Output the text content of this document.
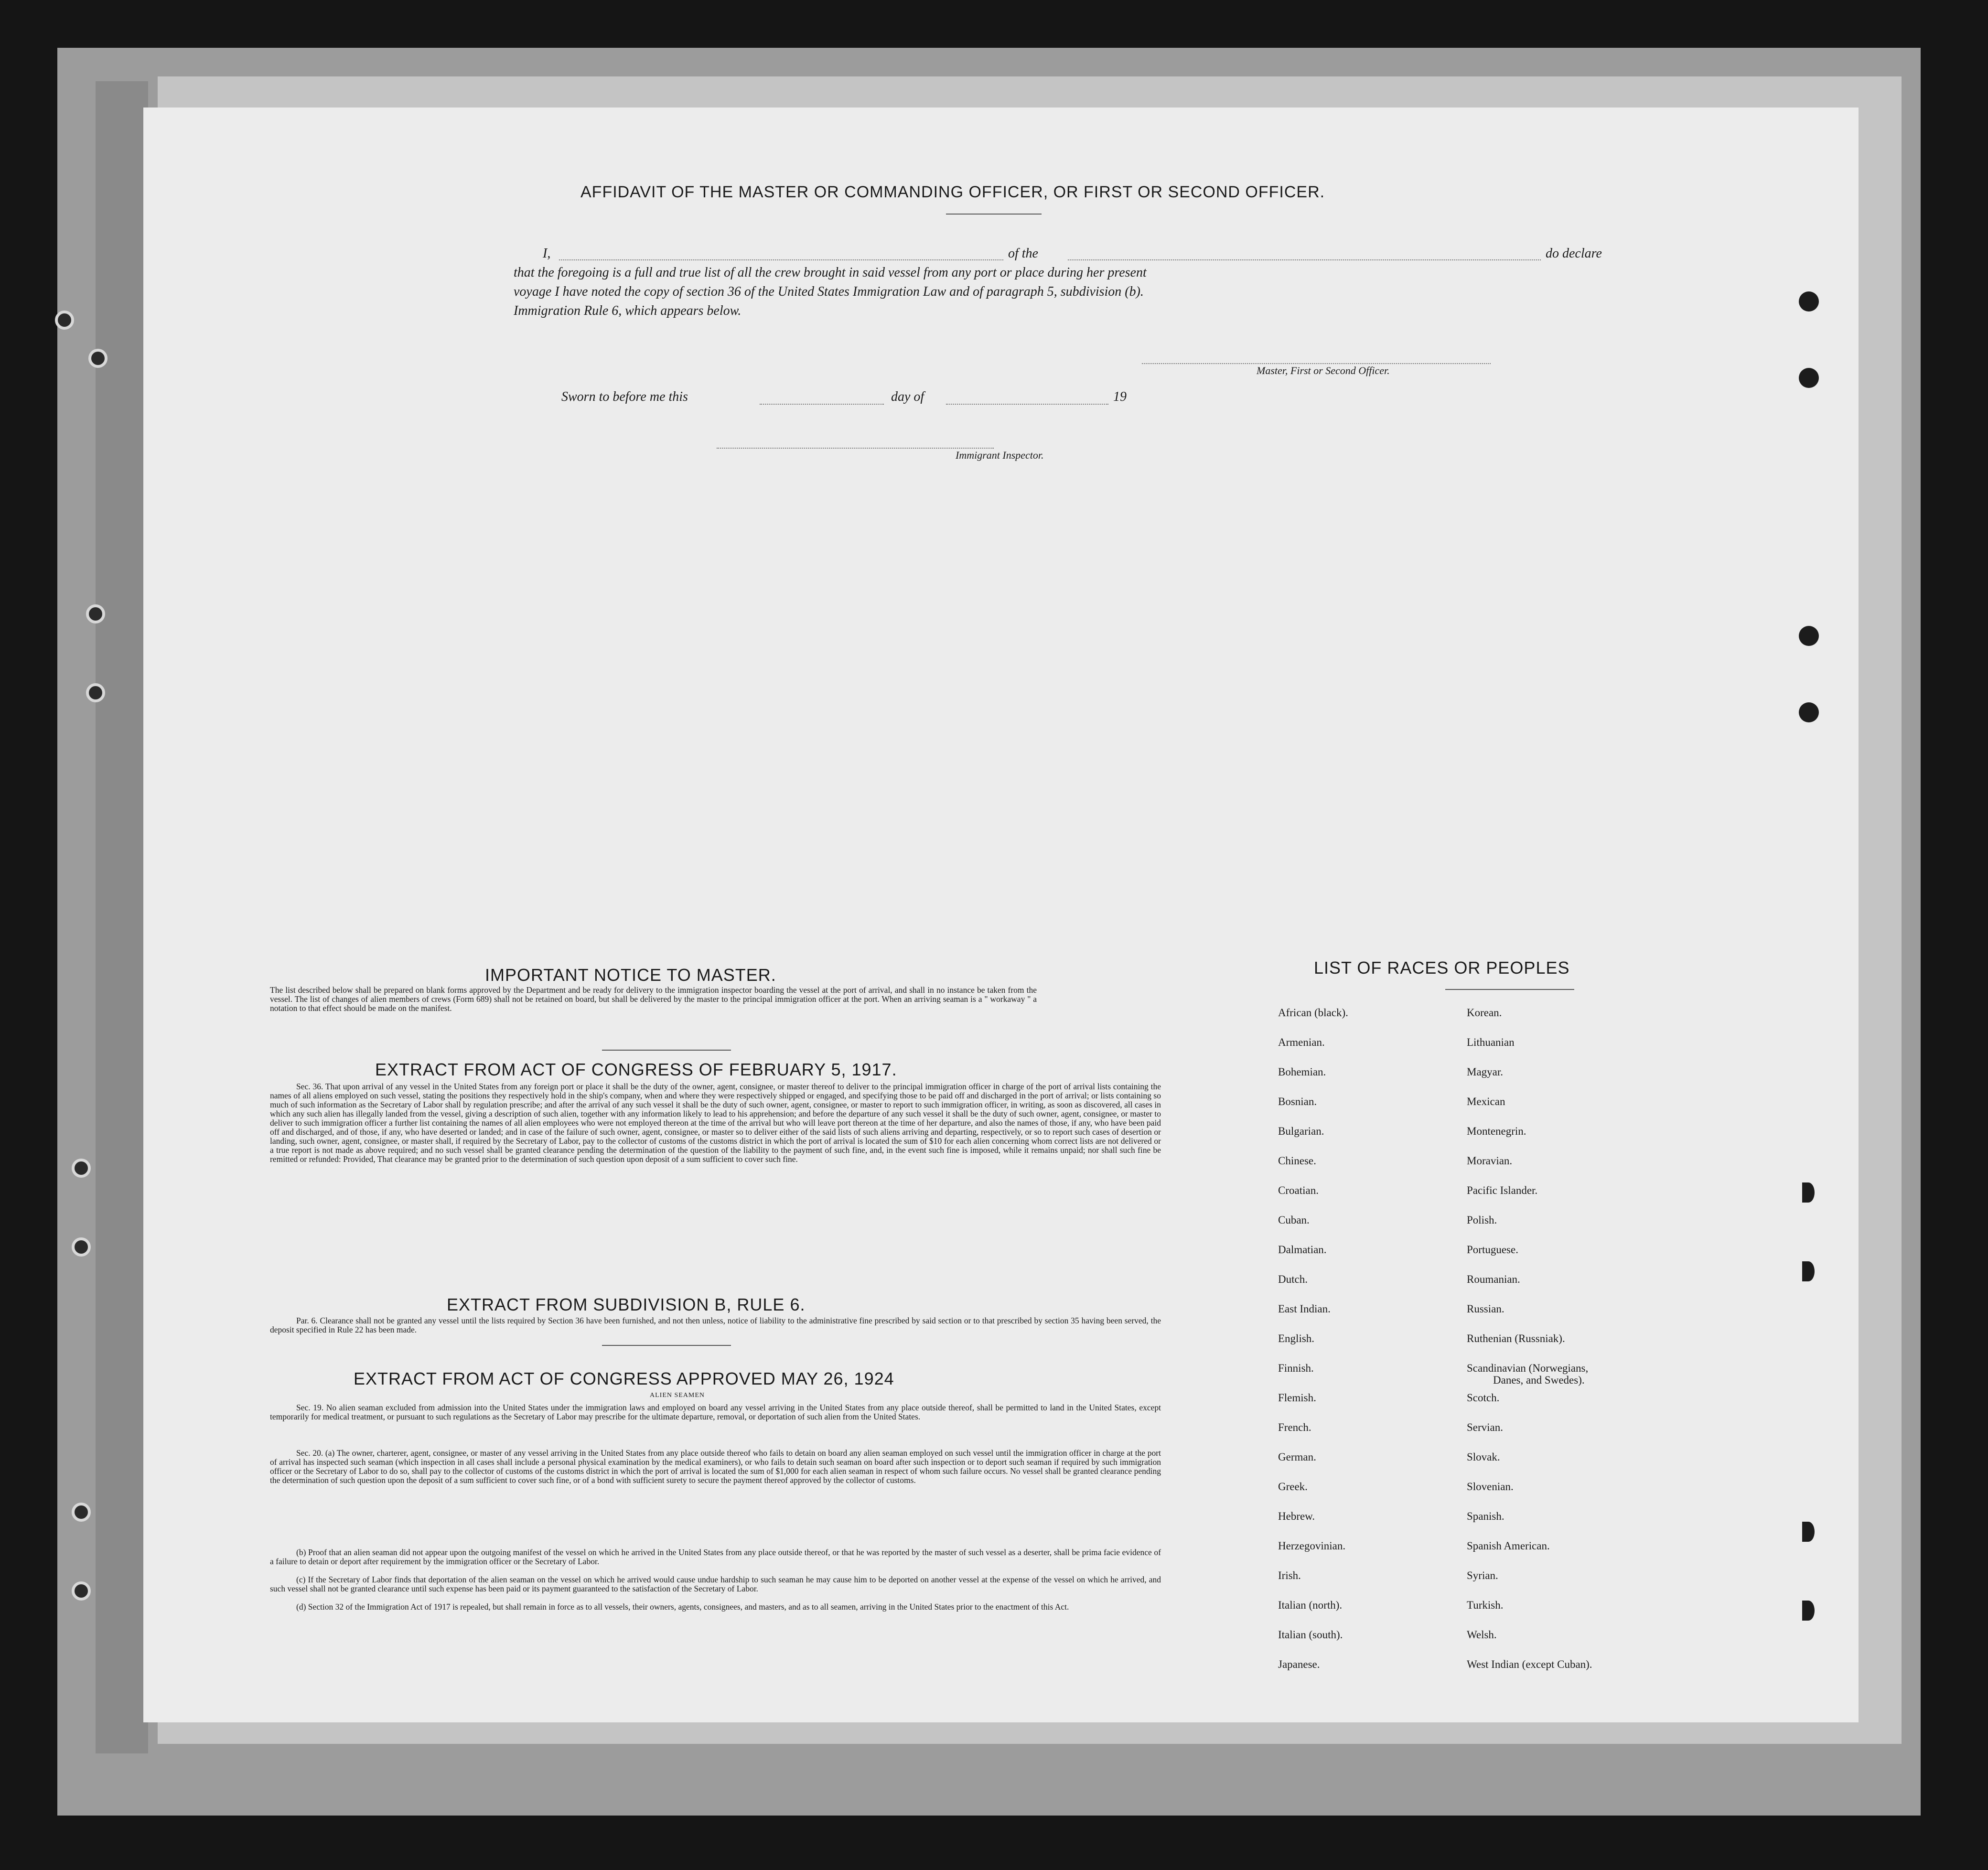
AFFIDAVIT OF THE MASTER OR COMMANDING OFFICER, OR FIRST OR SECOND OFFICER.
I,	of the	do declare
that the foregoing is a full and true list of all the crew brought in said vessel from any port or place during her present
voyage I have noted the copy of section 36 of the United States Immigration Law and of paragraph 5, subdivision (b).
Immigration Rule 6, which appears below.
Master, First or Second Officer.
Sworn to before me this	day of	19
Immigrant Inspector.
IMPORTANT NOTICE TO MASTER.
The list described below shall be prepared on blank forms approved by the Department and be ready for delivery to the immigration inspector boarding the vessel at the port of arrival, and shall in no instance be taken from the vessel. The list of changes of alien members of crews (Form 689) shall not be retained on board, but shall be delivered by the master to the principal immigration officer at the port. When an arriving seaman is a " workaway " a notation to that effect should be made on the manifest.
EXTRACT FROM ACT OF CONGRESS OF FEBRUARY 5, 1917.
Sec. 36. That upon arrival of any vessel in the United States from any foreign port or place it shall be the duty of the owner, agent, consignee, or master thereof to deliver to the principal immigration officer in charge of the port of arrival lists containing the names of all aliens employed on such vessel, stating the positions they respectively hold in the ship's company, when and where they were respectively shipped or engaged, and specifying those to be paid off and discharged in the port of arrival; or lists containing so much of such information as the Secretary of Labor shall by regulation prescribe; and after the arrival of any such vessel it shall be the duty of such owner, agent, consignee, or master to report to such immigration officer, in writing, as soon as discovered, all cases in which any such alien has illegally landed from the vessel, giving a description of such alien, together with any information likely to lead to his apprehension; and before the departure of any such vessel it shall be the duty of such owner, agent, consignee, or master to deliver to such immigration officer a further list containing the names of all alien employees who were not employed thereon at the time of the arrival but who will leave port thereon at the time of her departure, and also the names of those, if any, who have been paid off and discharged, and of those, if any, who have deserted or landed; and in case of the failure of such owner, agent, consignee, or master so to deliver either of the said lists of such aliens arriving and departing, respectively, or so to report such cases of desertion or landing, such owner, agent, consignee, or master shall, if required by the Secretary of Labor, pay to the collector of customs of the customs district in which the port of arrival is located the sum of $10 for each alien concerning whom correct lists are not delivered or a true report is not made as above required; and no such vessel shall be granted clearance pending the determination of the question of the liability to the payment of such fine, and, in the event such fine is imposed, while it remains unpaid; nor shall such fine be remitted or refunded: Provided, That clearance may be granted prior to the determination of such question upon deposit of a sum sufficient to cover such fine.
EXTRACT FROM SUBDIVISION B, RULE 6.
Par. 6. Clearance shall not be granted any vessel until the lists required by Section 36 have been furnished, and not then unless, notice of liability to the administrative fine prescribed by said section or to that prescribed by section 35 having been served, the deposit specified in Rule 22 has been made.
EXTRACT FROM ACT OF CONGRESS APPROVED MAY 26, 1924
ALIEN SEAMEN
Sec. 19. No alien seaman excluded from admission into the United States under the immigration laws and employed on board any vessel arriving in the United States from any place outside thereof, shall be permitted to land in the United States, except temporarily for medical treatment, or pursuant to such regulations as the Secretary of Labor may prescribe for the ultimate departure, removal, or deportation of such alien from the United States.
Sec. 20. (a) The owner, charterer, agent, consignee, or master of any vessel arriving in the United States from any place outside thereof who fails to detain on board any alien seaman employed on such vessel until the immigration officer in charge at the port of arrival has inspected such seaman (which inspection in all cases shall include a personal physical examination by the medical examiners), or who fails to detain such seaman on board after such inspection or to deport such seaman if required by such immigration officer or the Secretary of Labor to do so, shall pay to the collector of customs of the customs district in which the port of arrival is located the sum of $1,000 for each alien seaman in respect of whom such failure occurs. No vessel shall be granted clearance pending the determination of such question upon the deposit of a sum sufficient to cover such fine, or of a bond with sufficient surety to secure the payment thereof approved by the collector of customs.
(b) Proof that an alien seaman did not appear upon the outgoing manifest of the vessel on which he arrived in the United States from any place outside thereof, or that he was reported by the master of such vessel as a deserter, shall be prima facie evidence of a failure to detain or deport after requirement by the immigration officer or the Secretary of Labor.
(c) If the Secretary of Labor finds that deportation of the alien seaman on the vessel on which he arrived would cause undue hardship to such seaman he may cause him to be deported on another vessel at the expense of the vessel on which he arrived, and such vessel shall not be granted clearance until such expense has been paid or its payment guaranteed to the satisfaction of the Secretary of Labor.
(d) Section 32 of the Immigration Act of 1917 is repealed, but shall remain in force as to all vessels, their owners, agents, consignees, and masters, and as to all seamen, arriving in the United States prior to the enactment of this Act.
LIST OF RACES OR PEOPLES
African (black).
Armenian.
Bohemian.
Bosnian.
Bulgarian.
Chinese.
Croatian.
Cuban.
Dalmatian.
Dutch.
East Indian.
English.
Finnish.
Flemish.
French.
German.
Greek.
Hebrew.
Herzegovinian.
Irish.
Italian (north).
Italian (south).
Japanese.
Korean.
Lithuanian
Magyar.
Mexican
Montenegrin.
Moravian.
Pacific Islander.
Polish.
Portuguese.
Roumanian.
Russian.
Ruthenian (Russniak).
Scandinavian (Norwegians,
Danes, and Swedes).
Scotch.
Servian.
Slovak.
Slovenian.
Spanish.
Spanish American.
Syrian.
Turkish.
Welsh.
West Indian (except Cuban).
